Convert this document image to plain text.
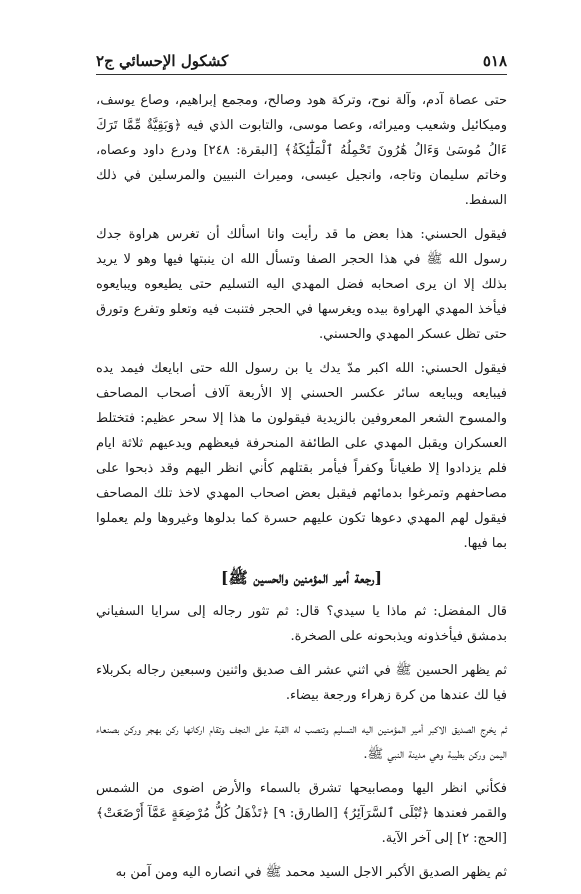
٥١٨
كشكول الإحسائي ج٢

حتى عصاة آدم، وآلة نوح، وتركة هود وصالح، ومجمع إبراهيم، وصاع يوسف، وميكائيل وشعيب وميراثه، وعصا موسى، والتابوت الذي فيه ﴿وَبَقِيَّةٌ مِّمَّا تَرَكَ ءَالُ مُوسَىٰ وَءَالُ هَٰرُونَ تَحْمِلُهُ ٱلْمَلَٰٓئِكَةُ﴾ [البقرة: ٢٤٨] ودرع داود وعصاه، وخاتم سليمان وتاجه، وانجيل عيسى، وميراث النبيين والمرسلين في ذلك السفط.

فيقول الحسني: هذا بعض ما قد رأيت وانا اسألك أن تغرس هراوة جدك رسول الله ﷺ في هذا الحجر الصفا وتسأل الله ان ينبتها فيها وهو لا يريد بذلك إلا ان يرى اصحابه فضل المهدي اليه التسليم حتى يطيعوه ويبايعوه فيأخذ المهدي الهراوة بيده ويغرسها في الحجر فتنبت فيه وتعلو وتفرع وتورق حتى تظل عسكر المهدي والحسني.

فيقول الحسني: الله اكبر مدّ يدك يا بن رسول الله حتى ابايعك فيمد يده فيبايعه ويبايعه سائر عكسر الحسني إلا الأربعة آلاف أصحاب المصاحف والمسوح الشعر المعروفين بالزيدية فيقولون ما هذا إلا سحر عظيم: فتختلط العسكران ويقبل المهدي على الطائفة المنحرفة فيعظهم ويدعيهم ثلاثة ايام فلم يزدادوا إلا طغياناً وكفراً فيأمر بقتلهم كأني انظر اليهم وقد ذبحوا على مصاحفهم وتمرغوا بدمائهم فيقبل بعض اصحاب المهدي لاخذ تلك المصاحف فيقول لهم المهدي دعوها تكون عليهم حسرة كما بدلوها وغيروها ولم يعملوا بما فيها.

[رجعة أمير المؤمنين والحسين ﷺ]

قال المفضل: ثم ماذا يا سيدي؟ قال: ثم تثور رجاله إلى سرايا السفياني بدمشق فيأخذونه ويذبحونه على الصخرة.

ثم يظهر الحسين ﷺ في اثني عشر الف صديق واثنين وسبعين رجاله بكربلاء فيا لك عندها من كرة زهراء ورجعة بيضاء.

ثم يخرج الصديق الاكبر أمير المؤمنين اليه التسليم وتنصب له القبة على النجف وتقام اركانها ركن بهجر وركن بصنعاء اليمن وركن بطيبة وهي مدينة النبي ﷺ.

فكأني انظر اليها ومصابيحها تشرق بالسماء والأرض اضوى من الشمس والقمر فعندها ﴿تُبْلَى ٱلسَّرَآئِرُ﴾ [الطارق: ٩] ﴿تَذْهَلُ كُلُّ مُرْضِعَةٍ عَمَّآ أَرْضَعَتْ﴾ [الحج: ٢] إلى آخر الآية.

ثم يظهر الصديق الأكبر الاجل السيد محمد ﷺ في انصاره اليه ومن آمن به
